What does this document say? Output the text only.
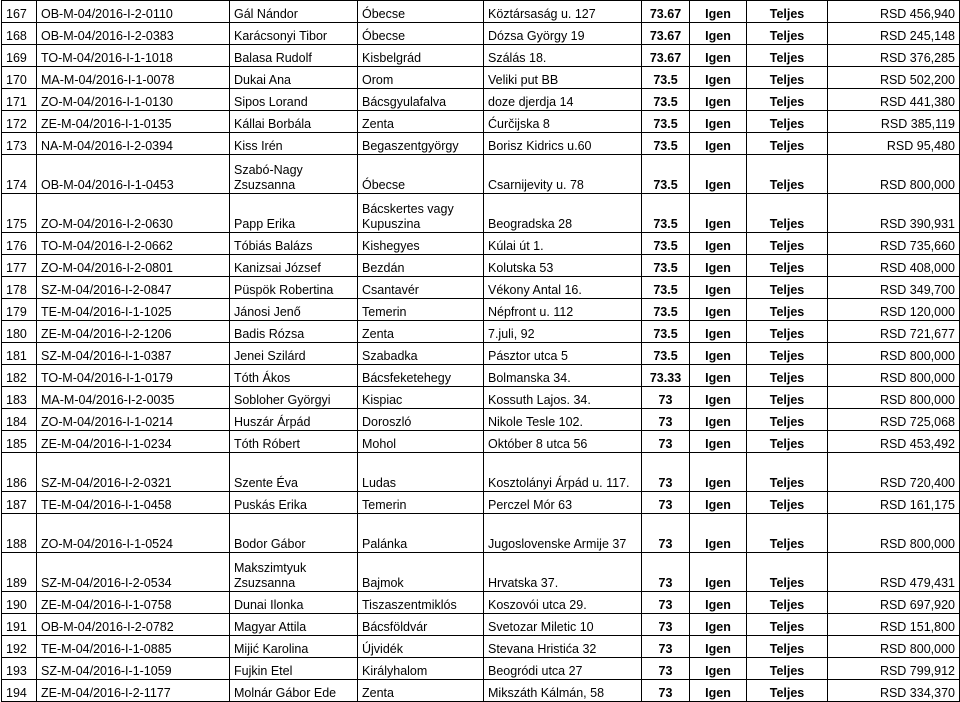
167	OB-M-04/2016-I-2-0110	Gál Nándor	Óbecse	Köztársaság u. 127	73.67	Igen	Teljes	RSD 456,940
168	OB-M-04/2016-I-2-0383	Karácsonyi Tibor	Óbecse	Dózsa György 19	73.67	Igen	Teljes	RSD 245,148
169	TO-M-04/2016-I-1-1018	Balasa Rudolf	Kisbelgrád	Szálás 18.	73.67	Igen	Teljes	RSD 376,285
170	MA-M-04/2016-I-1-0078	Dukai Ana	Orom	Veliki put BB	73.5	Igen	Teljes	RSD 502,200
171	ZO-M-04/2016-I-1-0130	Sipos Lorand	Bácsgyulafalva	doze djerdja 14	73.5	Igen	Teljes	RSD 441,380
172	ZE-M-04/2016-I-1-0135	Kállai Borbála	Zenta	Ćurčijska 8	73.5	Igen	Teljes	RSD 385,119
173	NA-M-04/2016-I-2-0394	Kiss Irén	Begaszentgyörgy	Borisz Kidrics u.60	73.5	Igen	Teljes	RSD 95,480
174	OB-M-04/2016-I-1-0453	Szabó-Nagy Zsuzsanna	Óbecse	Csarnijevity u. 78	73.5	Igen	Teljes	RSD 800,000
175	ZO-M-04/2016-I-2-0630	Papp Erika	Bácskertes vagy Kupuszina	Beogradska 28	73.5	Igen	Teljes	RSD 390,931
176	TO-M-04/2016-I-2-0662	Tóbiás Balázs	Kishegyes	Kúlai út 1.	73.5	Igen	Teljes	RSD 735,660
177	ZO-M-04/2016-I-2-0801	Kanizsai József	Bezdán	Kolutska 53	73.5	Igen	Teljes	RSD 408,000
178	SZ-M-04/2016-I-2-0847	Püspök Robertina	Csantavér	Vékony Antal 16.	73.5	Igen	Teljes	RSD 349,700
179	TE-M-04/2016-I-1-1025	Jánosi Jenő	Temerin	Népfront u. 112	73.5	Igen	Teljes	RSD 120,000
180	ZE-M-04/2016-I-2-1206	Badis Rózsa	Zenta	7.juli, 92	73.5	Igen	Teljes	RSD 721,677
181	SZ-M-04/2016-I-1-0387	Jenei Szilárd	Szabadka	Pásztor utca 5	73.5	Igen	Teljes	RSD 800,000
182	TO-M-04/2016-I-1-0179	Tóth Ákos	Bácsfeketehegy	Bolmanska 34.	73.33	Igen	Teljes	RSD 800,000
183	MA-M-04/2016-I-2-0035	Sobloher Györgyi	Kispiac	Kossuth Lajos. 34.	73	Igen	Teljes	RSD 800,000
184	ZO-M-04/2016-I-1-0214	Huszár Árpád	Doroszló	Nikole Tesle 102.	73	Igen	Teljes	RSD 725,068
185	ZE-M-04/2016-I-1-0234	Tóth Róbert	Mohol	Október 8 utca 56	73	Igen	Teljes	RSD 453,492
186	SZ-M-04/2016-I-2-0321	Szente Éva	Ludas	Kosztolányi Árpád u. 117.	73	Igen	Teljes	RSD 720,400
187	TE-M-04/2016-I-1-0458	Puskás Erika	Temerin	Perczel Mór 63	73	Igen	Teljes	RSD 161,175
188	ZO-M-04/2016-I-1-0524	Bodor Gábor	Palánka	Jugoslovenske Armije 37	73	Igen	Teljes	RSD 800,000
189	SZ-M-04/2016-I-2-0534	Makszimtyuk Zsuzsanna	Bajmok	Hrvatska 37.	73	Igen	Teljes	RSD 479,431
190	ZE-M-04/2016-I-1-0758	Dunai Ilonka	Tiszaszentmiklós	Koszovói utca 29.	73	Igen	Teljes	RSD 697,920
191	OB-M-04/2016-I-2-0782	Magyar Attila	Bácsföldvár	Svetozar Miletic 10	73	Igen	Teljes	RSD 151,800
192	TE-M-04/2016-I-1-0885	Mijić Karolina	Újvidék	Stevana Hristića 32	73	Igen	Teljes	RSD 800,000
193	SZ-M-04/2016-I-1-1059	Fujkin Etel	Királyhalom	Beogródi utca 27	73	Igen	Teljes	RSD 799,912
194	ZE-M-04/2016-I-2-1177	Molnár Gábor Ede	Zenta	Mikszáth Kálmán, 58	73	Igen	Teljes	RSD 334,370
